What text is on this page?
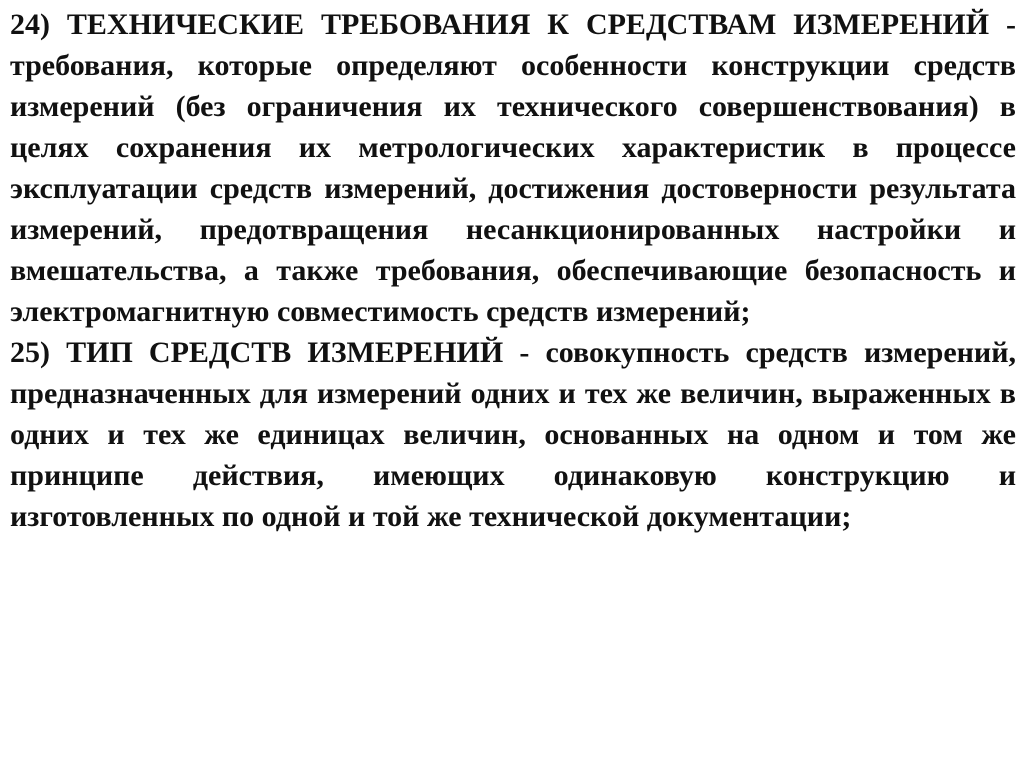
24) ТЕХНИЧЕСКИЕ ТРЕБОВАНИЯ К СРЕДСТВАМ ИЗМЕРЕНИЙ - требования, которые определяют особенности конструкции средств измерений (без ограничения их технического совершенствования) в целях сохранения их метрологических характеристик в процессе эксплуатации средств измерений, достижения достоверности результата измерений, предотвращения несанкционированных настройки и вмешательства, а также требования, обеспечивающие безопасность и электромагнитную совместимость средств измерений;

25) ТИП СРЕДСТВ ИЗМЕРЕНИЙ - совокупность средств измерений, предназначенных для измерений одних и тех же величин, выраженных в одних и тех же единицах величин, основанных на одном и том же принципе действия, имеющих одинаковую конструкцию и изготовленных по одной и той же технической документации;
